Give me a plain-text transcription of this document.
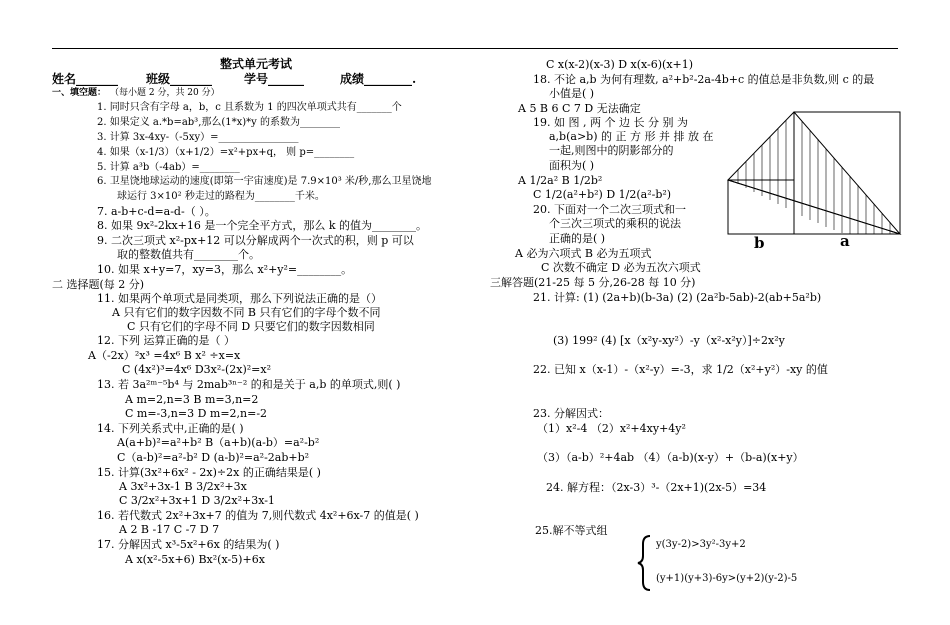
整式单元考试
姓名_______ 班级_______	学号______	成绩________.
一、填空题： （每小题 2 分，共 20 分）
1. 同时只含有字母 a，b，c 且系数为 1 的四次单项式共有_______个
2. 如果定义 a.*b=ab³,那么(1*x)*y 的系数为________
3. 计算 3x-4xy-（-5xy）=________________
4. 如果（x-1/3）（x+1/2）=x²+px+q， 则 p=________
5. 计算 a³b（-4ab）=________
6. 卫星饶地球运动的速度(即第一宇宙速度)是 7.9×10³ 米/秒,那么卫星饶地
球运行 3×10² 秒走过的路程为________千米。
7. a-b+c-d=a-d-（ ）。
8. 如果 9x²-2kx+16 是一个完全平方式，那么 k 的值为________。
9. 二次三项式 x²-px+12 可以分解成两个一次式的积，则 p 可以
取的整数值共有________个。
10. 如果 x+y=7，xy=3，那么 x²+y²=________。
二 选择题(每 2 分)
11. 如果两个单项式是同类项，那么下列说法正确的是（）
A 只有它们的数字因数不同 B 只有它们的字母个数不同
C 只有它们的字母不同 D 只要它们的数字因数相同
12. 下列 运算正确的是（ ）
A（-2x）²x³ =4x⁶ B x² ÷x=x
C (4x²)³=4x⁶ D3x²-(2x)²=x²
13. 若 3a²ᵐ⁻⁵b⁴ 与 2mab³ⁿ⁻² 的和是关于 a,b 的单项式,则( )
A m=2,n=3 B m=3,n=2
C m=-3,n=3 D m=2,n=-2
14. 下列关系式中,正确的是( )
A(a+b)²=a²+b² B（a+b)(a-b）=a²-b²
C（a-b)²=a²-b² D (a-b)²=a²-2ab+b²
15. 计算(3x²+6x² - 2x)÷2x 的正确结果是( )
A 3x²+3x-1 B 3/2x²+3x
C 3/2x²+3x+1 D 3/2x²+3x-1
16. 若代数式 2x²+3x+7 的值为 7,则代数式 4x²+6x-7 的值是( )
A 2 B -17 C -7 D 7
17. 分解因式 x³-5x²+6x 的结果为( )
A x(x²-5x+6) Bx²(x-5)+6x
C x(x-2)(x-3) D x(x-6)(x+1)
18. 不论 a,b 为何有理数, a²+b²-2a-4b+c 的值总是非负数,则 c 的最
小值是( )
A 5 B 6 C 7 D 无法确定
19. 如 图 , 两 个 边 长 分 别 为
a,b(a>b) 的 正 方 形 并 排 放 在
一起,则图中的阴影部分的
面积为( )
A 1/2a² B 1/2b²
C 1/2(a²+b²) D 1/2(a²-b²)
20. 下面对一个二次三项式和一
个三次三项式的乘积的说法
正确的是( )
A 必为六项式 B 必为五项式
C 次数不确定 D 必为五次六项式
三解答题(21-25 每 5 分,26-28 每 10 分)
21. 计算: (1) (2a+b)(b-3a) (2) (2a²b-5ab)-2(ab+5a²b)
(3) 199² (4) [x（x²y-xy²）-y（x²-x²y）]÷2x²y
22. 已知 x（x-1）-（x²-y）=-3，求 1/2（x²+y²）-xy 的值
23. 分解因式：
（1）x²-4 （2）x²+4xy+4y²
（3）（a-b）²+4ab （4）（a-b)(x-y）+（b-a)(x+y）
24. 解方程：（2x-3）³-（2x+1)(2x-5）=34
25.解不等式组
y(3y-2)>3y²-3y+2
(y+1)(y+3)-6y>(y+2)(y-2)-5
b	a
